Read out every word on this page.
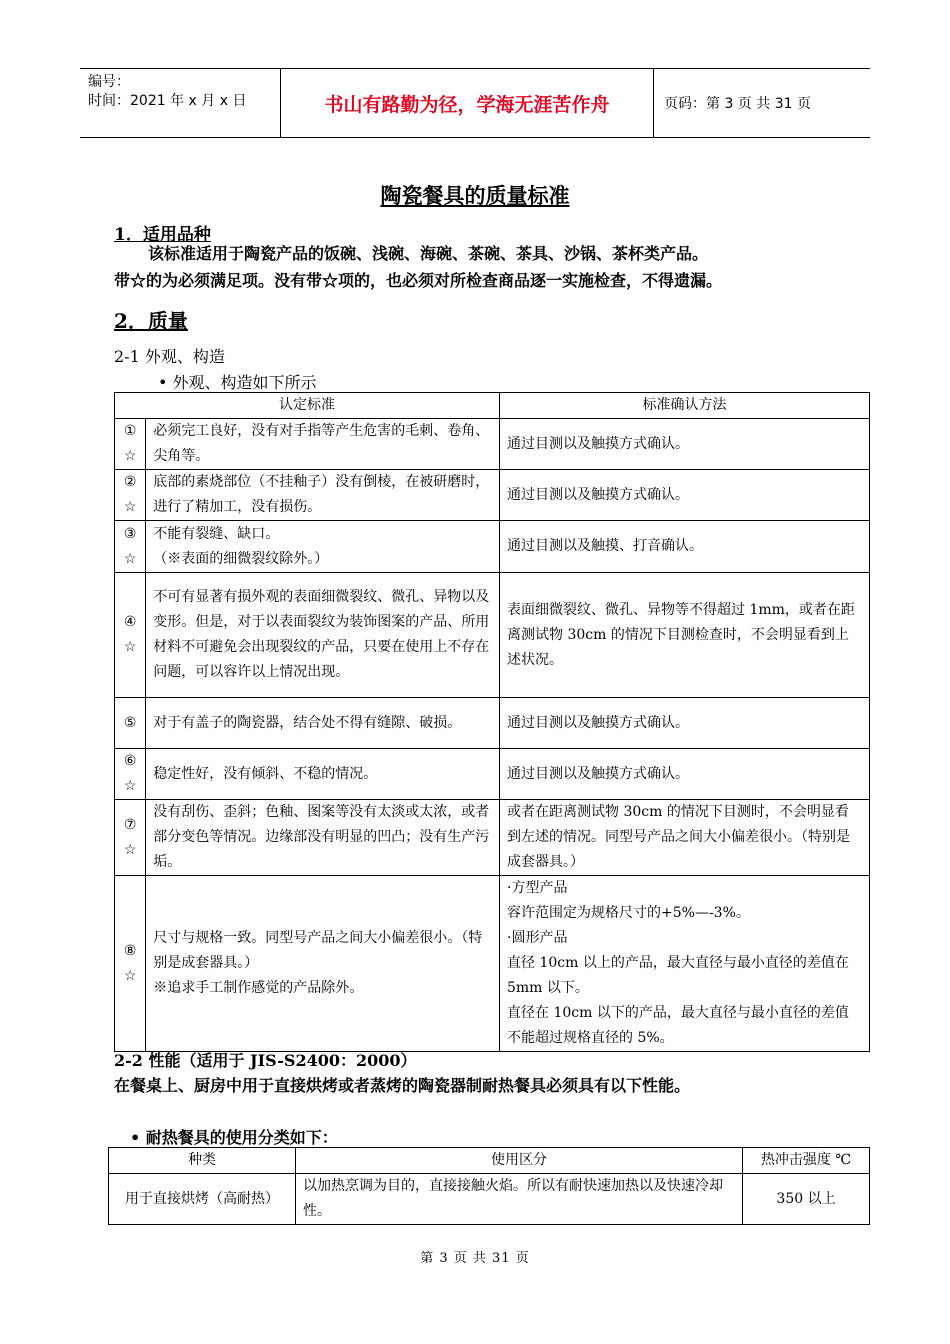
编号：
时间：2021 年 x 月 x 日	书山有路勤为径，学海无涯苦作舟	页码：第 3 页 共 31 页
陶瓷餐具的质量标准
1．适用品种
该标准适用于陶瓷产品的饭碗、浅碗、海碗、茶碗、茶具、沙锅、茶杯类产品。
带☆的为必须满足项。没有带☆项的，也必须对所检查商品逐一实施检查，不得遗漏。
2．质量
2-1 外观、构造
• 外观、构造如下所示
认定标准		标准确认方法
①
☆	必须完工良好，没有对手指等产生危害的毛刺、卷角、尖角等。	通过目测以及触摸方式确认。
②
☆	底部的素烧部位（不挂釉子）没有倒棱，在被研磨时，进行了精加工，没有损伤。	通过目测以及触摸方式确认。
③
☆	不能有裂缝、缺口。
（※表面的细微裂纹除外。）	通过目测以及触摸、打音确认。
④
☆	不可有显著有损外观的表面细微裂纹、微孔、异物以及变形。但是，对于以表面裂纹为装饰图案的产品、所用材料不可避免会出现裂纹的产品，只要在使用上不存在问题，可以容许以上情况出现。	表面细微裂纹、微孔、异物等不得超过 1mm，或者在距离测试物 30cm 的情况下目测检查时，不会明显看到上述状况。
⑤	对于有盖子的陶瓷器，结合处不得有缝隙、破损。	通过目测以及触摸方式确认。
⑥
☆	稳定性好，没有倾斜、不稳的情况。	通过目测以及触摸方式确认。
⑦
☆	没有刮伤、歪斜；色釉、图案等没有太淡或太浓，或者部分变色等情况。边缘部没有明显的凹凸；没有生产污垢。	或者在距离测试物 30cm 的情况下目测时，不会明显看到左述的情况。同型号产品之间大小偏差很小。（特别是成套器具。）
⑧
☆	尺寸与规格一致。同型号产品之间大小偏差很小。（特别是成套器具。）
※追求手工制作感觉的产品除外。	·方型产品
容许范围定为规格尺寸的+5%—-3%。
·圆形产品
直径 10cm 以上的产品，最大直径与最小直径的差值在 5mm 以下。
直径在 10cm 以下的产品，最大直径与最小直径的差值不能超过规格直径的 5%。
2-2 性能（适用于 JIS-S2400：2000）
在餐桌上、厨房中用于直接烘烤或者蒸烤的陶瓷器制耐热餐具必须具有以下性能。
• 耐热餐具的使用分类如下：
种类	使用区分	热冲击强度 ℃
用于直接烘烤（高耐热）	以加热烹调为目的，直接接触火焰。所以有耐快速加热以及快速冷却性。	350 以上
第 3 页 共 31 页
